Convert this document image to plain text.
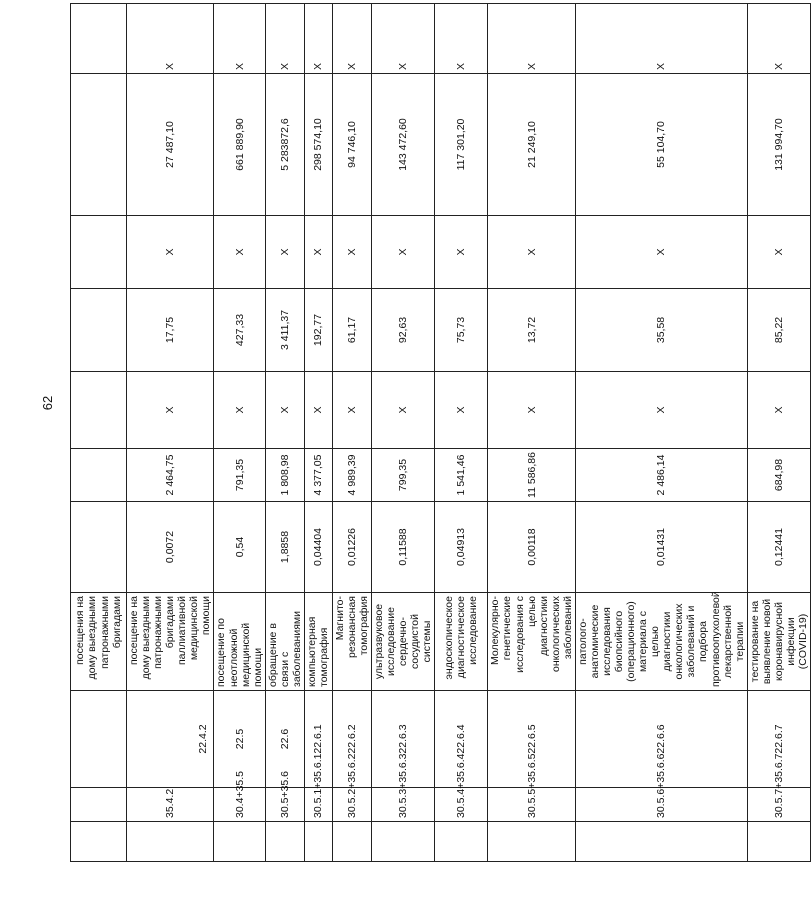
62
			посещения на дому выездными патронажными бригадами							
	35.4.2	22.4.2	посещение на дому выездными патронажными бригадами паллиативной медицинской помощи	0,0072	2 464,75	Х	17,75	Х	27 487,10	Х
	30.4+35.5	22.5	посещение по неотложной медицинской помощи	0,54	791,35	Х	427,33	Х	661 889,90	Х
	30.5+35.6	22.6	обращение в связи с заболеваниями	1,8858	1 808,98	Х	3 411,37	Х	5 283872,6	Х
	30.5.1+35.6.1	22.6.1	компьютерная томография	0,04404	4 377,05	Х	192,77	Х	298 574,10	Х
	30.5.2+35.6.2	22.6.2	Магнито-резонансная томография	0,01226	4 989,39	Х	61,17	Х	94 746,10	Х
	30.5.3+35.6.3	22.6.3	ультразвуковое исследование сердечно-сосудистой системы	0,11588	799,35	Х	92,63	Х	143 472,60	Х
	30.5.4+35.6.4	22.6.4	эндоскопическое диагностическое исследование	0,04913	1 541,46	Х	75,73	Х	117 301,20	Х
	30.5.5+35.6.5	22.6.5	Молекулярно-генетические исследования с целью диагностики онкологических заболеваний	0,00118	11 586,86	Х	13,72	Х	21 249,10	Х
	30.5.6+35.6.6	22.6.6	патолого-анатомические исследования биопсийного (операционного) материала с целью диагностики онкологических заболеваний и подбора противоопухолевой лекарственной терапии	0,01431	2 486,14	Х	35,58	Х	55 104,70	Х
	30.5.7+35.6.7	22.6.7	тестирование на выявление новой коронавирусной инфекции (COVID-19)	0,12441	684,98	Х	85,22	Х	131 994,70	Х
